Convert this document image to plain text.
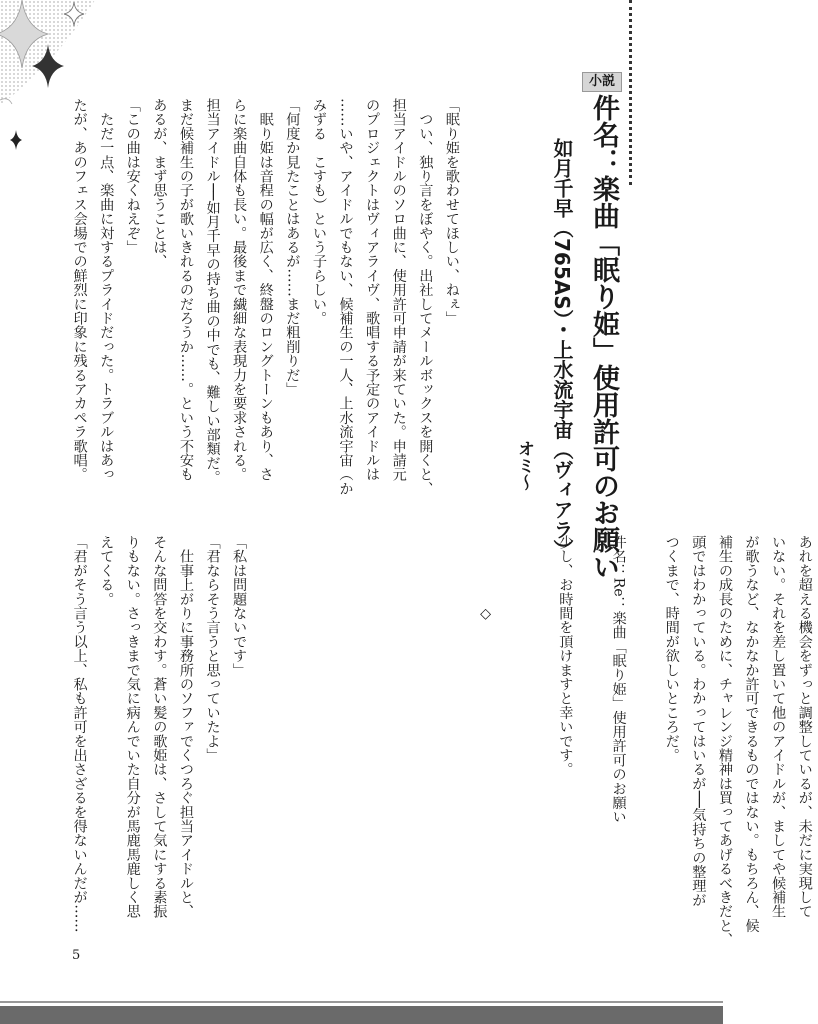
小説
件名：楽曲「眠り姫」使用許可のお願い
如月千早（765AS）・上水流宇宙（ヴィアラ）
オミ〜

「眠り姫を歌わせてほしい、ねぇ」

　つい、独り言をぼやく。出社してメールボックスを開くと、

担当アイドルのソロ曲に、使用許可申請が来ていた。申請元

のプロジェクトはヴィアライヴ、歌唱する予定のアイドルは

……いや、アイドルでもない、候補生の一人、上水流宇宙（か

みずる　こすも）という子らしい。

「何度か見たことはあるが……まだ粗削りだ」

　眠り姫は音程の幅が広く、終盤のロングトーンもあり、さ

らに楽曲自体も長い。最後まで繊細な表現力を要求される。

担当アイドル──如月千早の持ち曲の中でも、難しい部類だ。

まだ候補生の子が歌いきれるのだろうか……。という不安も

あるが、まず思うことは、

「この曲は安くねえぞ」

　ただ一点、楽曲に対するプライドだった。トラブルはあっ

たが、あのフェス会場での鮮烈に印象に残るアカペラ歌唱。

あれを超える機会をずっと調整しているが、未だに実現して

いない。それを差し置いて他のアイドルが、ましてや候補生

が歌うなど、なかなか許可できるものではない。もちろん、候

補生の成長のために、チャレンジ精神は買ってあげるべきだと、

頭ではわかっている。わかってはいるが──気持ちの整理が

つくまで、時間が欲しいところだ。

件名：Re：楽曲「眠り姫」使用許可のお願い

少し、お時間を頂けますと幸いです。

　　　　　◇

「私は問題ないです」

「君ならそう言うと思っていたよ」

　仕事上がりに事務所のソファでくつろぐ担当アイドルと、

そんな問答を交わす。蒼い髪の歌姫は、さして気にする素振

りもない。さっきまで気に病んでいた自分が馬鹿馬鹿しく思

えてくる。

「君がそう言う以上、私も許可を出さざるを得ないんだが……

5
